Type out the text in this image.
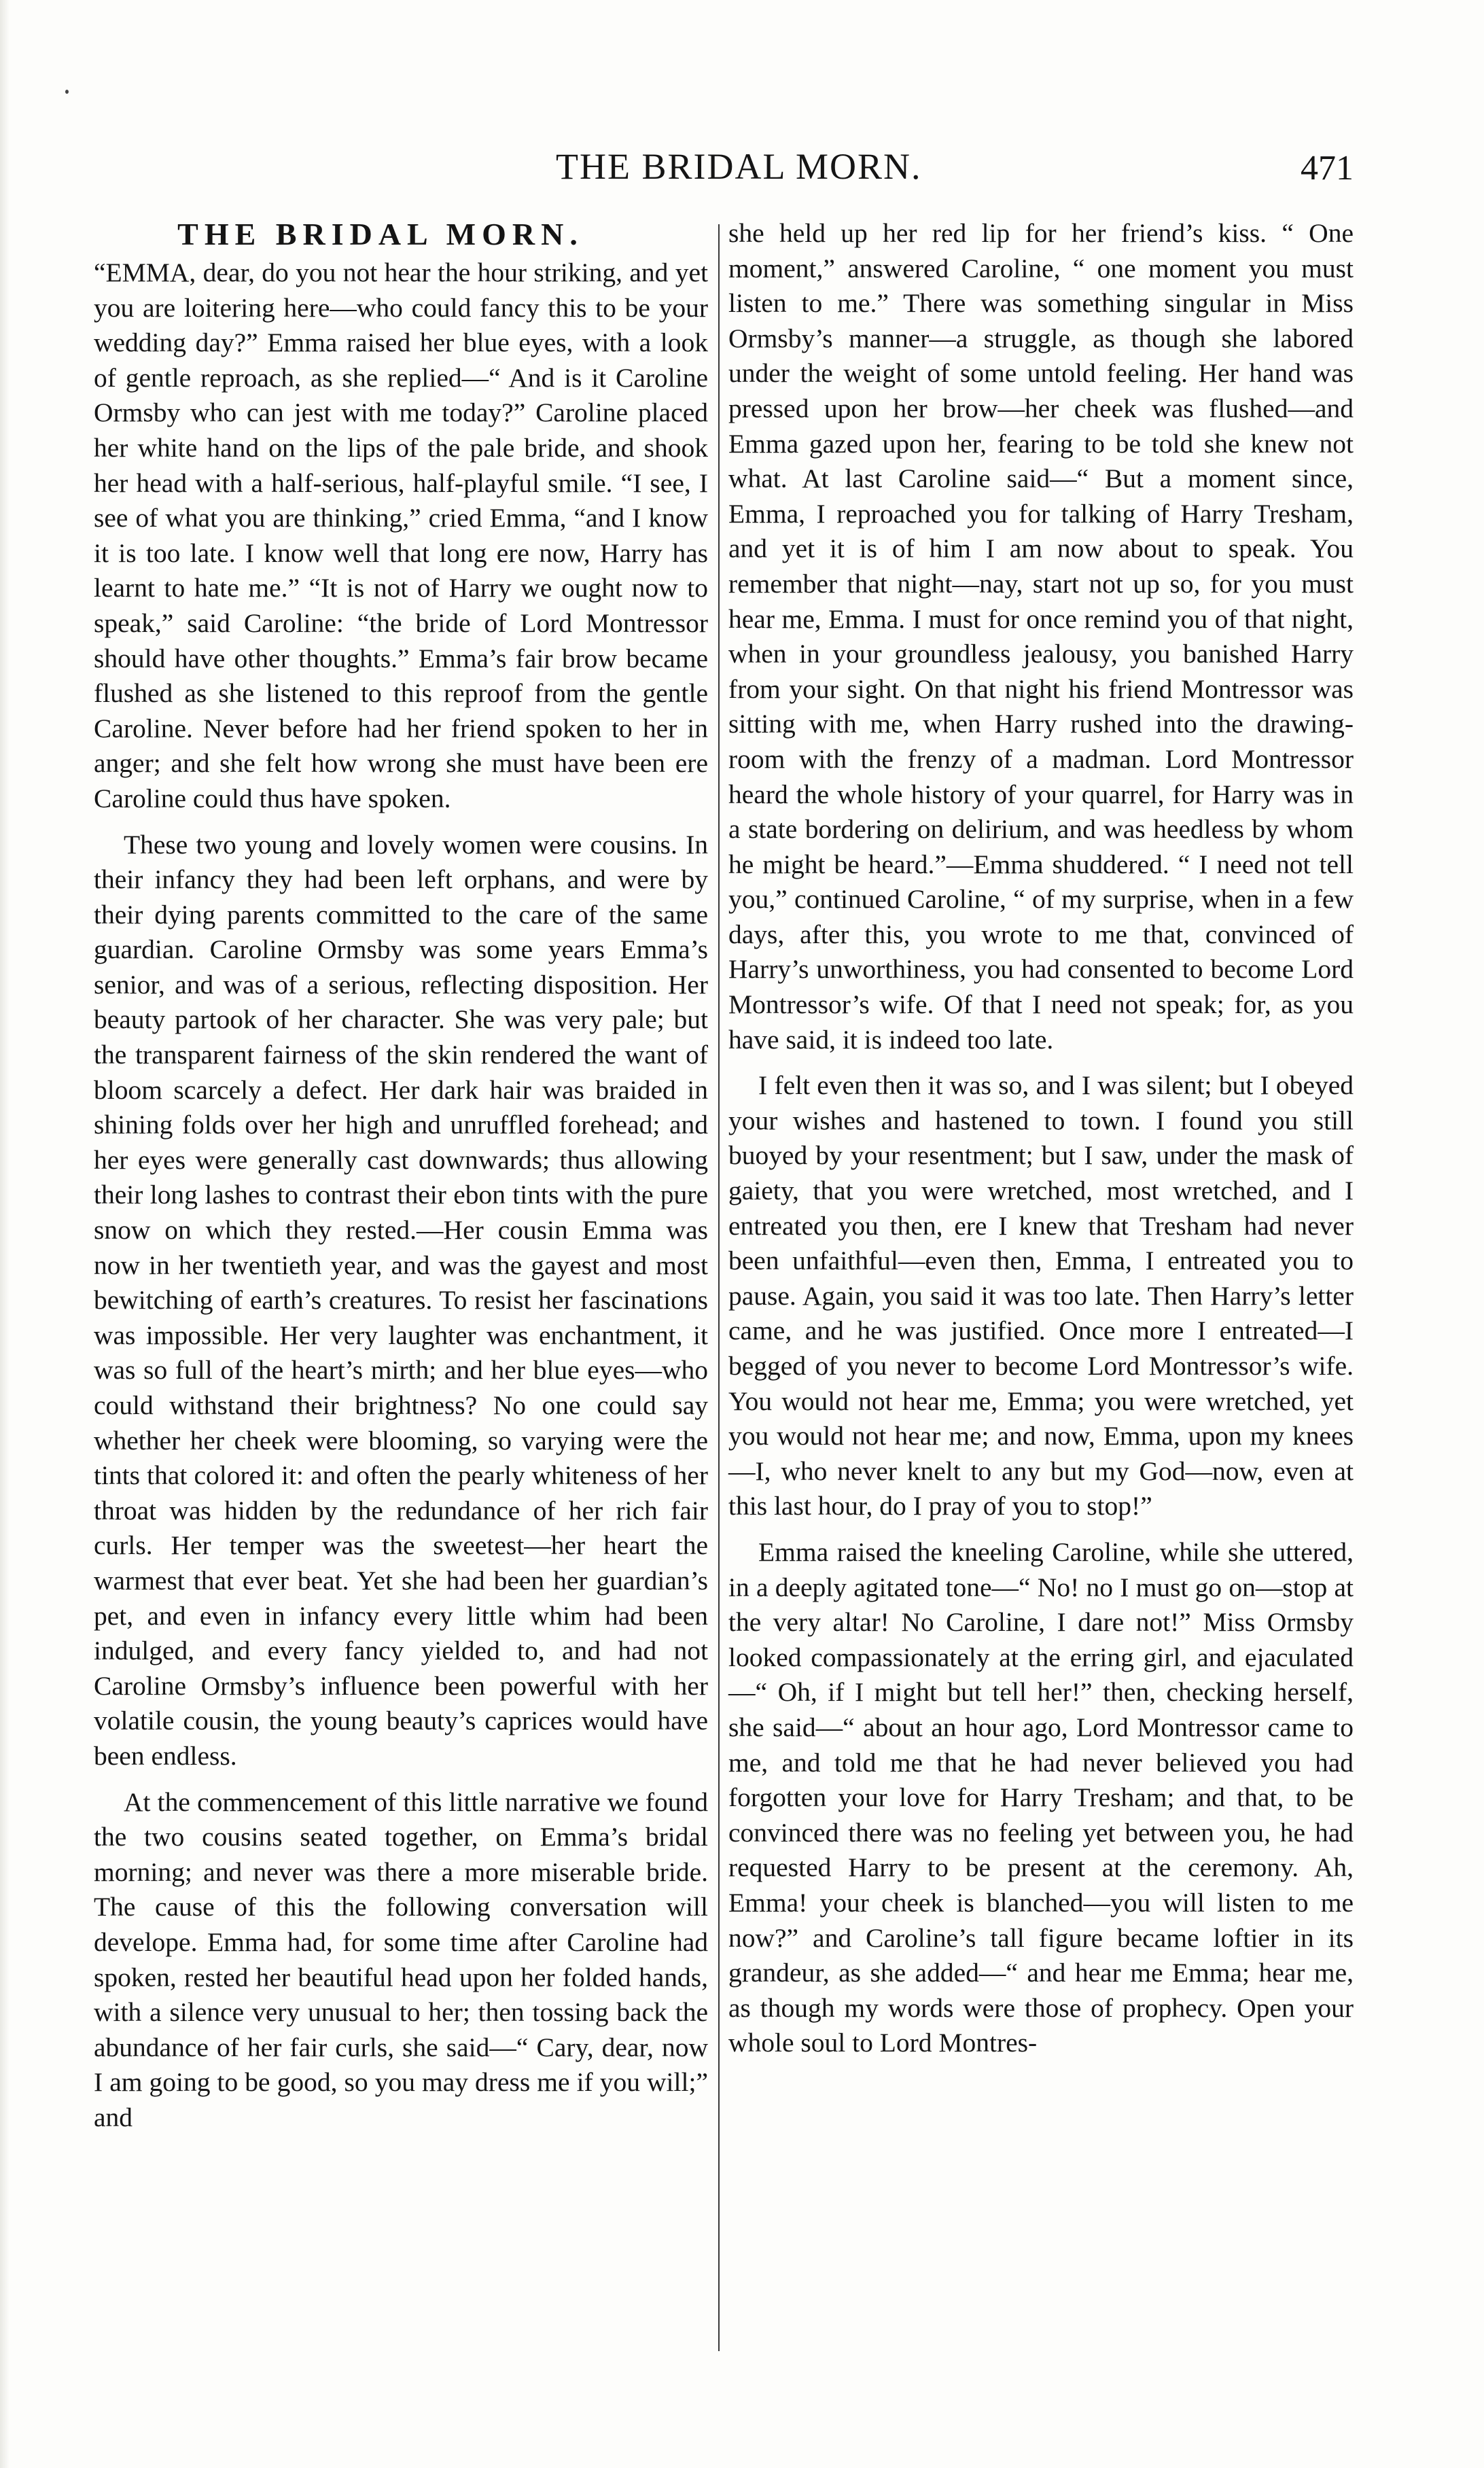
THE BRIDAL MORN.	471
THE BRIDAL MORN.

“EMMA, dear, do you not hear the hour striking, and yet you are loitering here—who could fancy this to be your wedding day?” Emma raised her blue eyes, with a look of gentle reproach, as she replied—“ And is it Caroline Ormsby who can jest with me today?” Caroline placed her white hand on the lips of the pale bride, and shook her head with a half-serious, half-playful smile. “I see, I see of what you are thinking,” cried Emma, “and I know it is too late. I know well that long ere now, Harry has learnt to hate me.” “It is not of Harry we ought now to speak,” said Caroline: “the bride of Lord Montressor should have other thoughts.” Emma’s fair brow became flushed as she listened to this reproof from the gentle Caroline. Never before had her friend spoken to her in anger; and she felt how wrong she must have been ere Caroline could thus have spoken.

These two young and lovely women were cousins. In their infancy they had been left orphans, and were by their dying parents committed to the care of the same guardian. Caroline Ormsby was some years Emma’s senior, and was of a serious, reflecting disposition. Her beauty partook of her character. She was very pale; but the transparent fairness of the skin rendered the want of bloom scarcely a defect. Her dark hair was braided in shining folds over her high and unruffled forehead; and her eyes were generally cast downwards; thus allowing their long lashes to contrast their ebon tints with the pure snow on which they rested.—Her cousin Emma was now in her twentieth year, and was the gayest and most bewitching of earth’s creatures. To resist her fascinations was impossible. Her very laughter was enchantment, it was so full of the heart’s mirth; and her blue eyes—who could withstand their brightness? No one could say whether her cheek were blooming, so varying were the tints that colored it: and often the pearly whiteness of her throat was hidden by the redundance of her rich fair curls. Her temper was the sweetest—her heart the warmest that ever beat. Yet she had been her guardian’s pet, and even in infancy every little whim had been indulged, and every fancy yielded to, and had not Caroline Ormsby’s influence been powerful with her volatile cousin, the young beauty’s caprices would have been endless.

At the commencement of this little narrative we found the two cousins seated together, on Emma’s bridal morning; and never was there a more miserable bride. The cause of this the following conversation will develope. Emma had, for some time after Caroline had spoken, rested her beautiful head upon her folded hands, with a silence very unusual to her; then tossing back the abundance of her fair curls, she said—“ Cary, dear, now I am going to be good, so you may dress me if you will;” and

she held up her red lip for her friend’s kiss. “ One moment,” answered Caroline, “ one moment you must listen to me.” There was something singular in Miss Ormsby’s manner—a struggle, as though she labored under the weight of some untold feeling. Her hand was pressed upon her brow—her cheek was flushed—and Emma gazed upon her, fearing to be told she knew not what. At last Caroline said—“ But a moment since, Emma, I reproached you for talking of Harry Tresham, and yet it is of him I am now about to speak. You remember that night—nay, start not up so, for you must hear me, Emma. I must for once remind you of that night, when in your groundless jealousy, you banished Harry from your sight. On that night his friend Montressor was sitting with me, when Harry rushed into the drawing-room with the frenzy of a madman. Lord Montressor heard the whole history of your quarrel, for Harry was in a state bordering on delirium, and was heedless by whom he might be heard.”—Emma shuddered. “ I need not tell you,” continued Caroline, “ of my surprise, when in a few days, after this, you wrote to me that, convinced of Harry’s unworthiness, you had consented to become Lord Montressor’s wife. Of that I need not speak; for, as you have said, it is indeed too late.

I felt even then it was so, and I was silent; but I obeyed your wishes and hastened to town. I found you still buoyed by your resentment; but I saw, under the mask of gaiety, that you were wretched, most wretched, and I entreated you then, ere I knew that Tresham had never been unfaithful—even then, Emma, I entreated you to pause. Again, you said it was too late. Then Harry’s letter came, and he was justified. Once more I entreated—I begged of you never to become Lord Montressor’s wife. You would not hear me, Emma; you were wretched, yet you would not hear me; and now, Emma, upon my knees—I, who never knelt to any but my God—now, even at this last hour, do I pray of you to stop!”

Emma raised the kneeling Caroline, while she uttered, in a deeply agitated tone—“ No! no I must go on—stop at the very altar! No Caroline, I dare not!” Miss Ormsby looked compassionately at the erring girl, and ejaculated—“ Oh, if I might but tell her!” then, checking herself, she said—“ about an hour ago, Lord Montressor came to me, and told me that he had never believed you had forgotten your love for Harry Tresham; and that, to be convinced there was no feeling yet between you, he had requested Harry to be present at the ceremony. Ah, Emma! your cheek is blanched—you will listen to me now?” and Caroline’s tall figure became loftier in its grandeur, as she added—“ and hear me Emma; hear me, as though my words were those of prophecy. Open your whole soul to Lord Montres-
